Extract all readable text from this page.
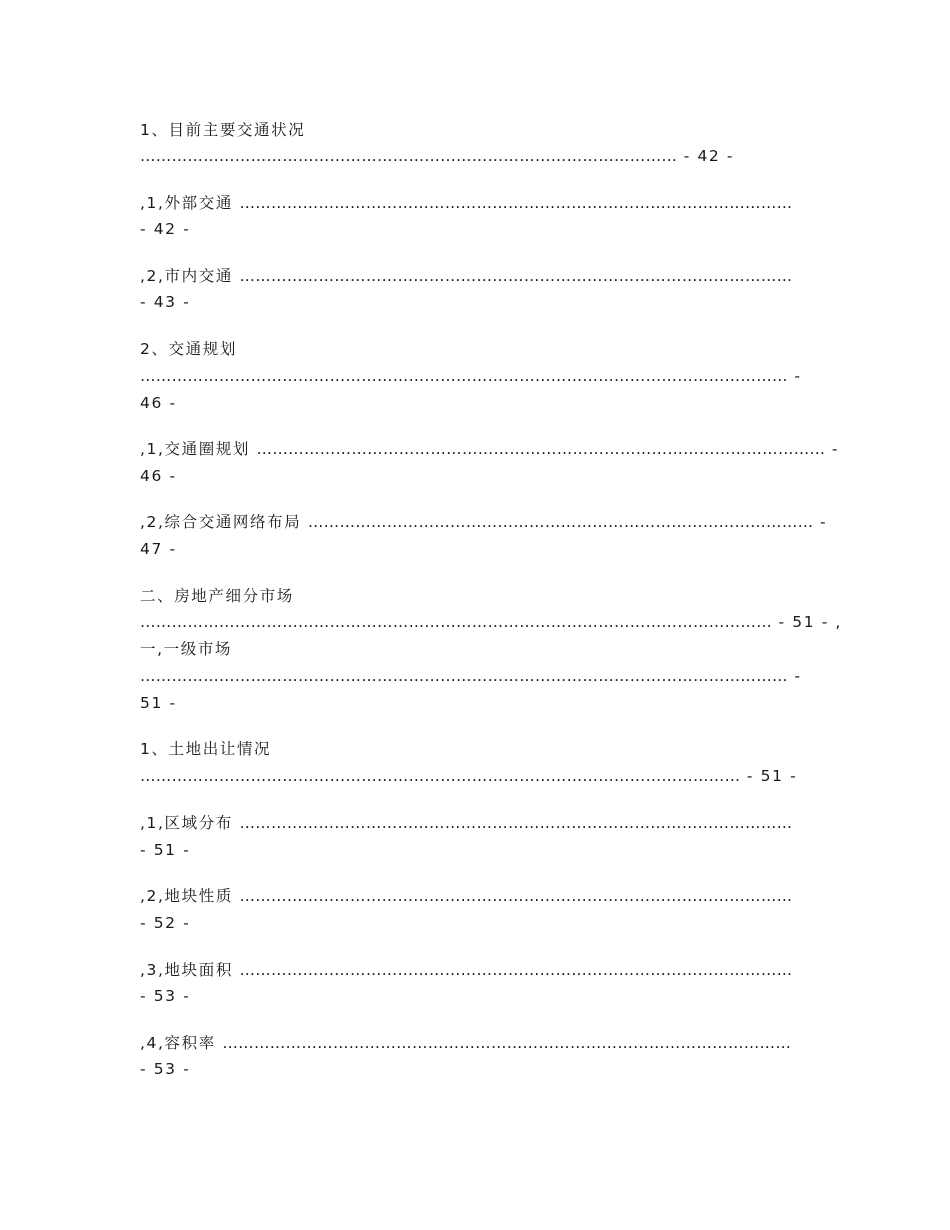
1、目前主要交通状况
………………………………………………………………………………………… - 42 -
,1,外部交通 ……………………………………………………………………………………………
- 42 -
,2,市内交通 ……………………………………………………………………………………………
- 43 -
2、交通规划
…………………………………………………………………………………………………………… -
46 -
,1,交通圈规划 ……………………………………………………………………………………………… -
46 -
,2,综合交通网络布局 …………………………………………………………………………………… -
47 -
二、房地产细分市场
………………………………………………………………………………………………………… - 51 - ,
一,一级市场
…………………………………………………………………………………………………………… -
51 -
1、土地出让情况
…………………………………………………………………………………………………… - 51 -
,1,区域分布 ……………………………………………………………………………………………
- 51 -
,2,地块性质 ……………………………………………………………………………………………
- 52 -
,3,地块面积 ……………………………………………………………………………………………
- 53 -
,4,容积率 ………………………………………………………………………………………………
- 53 -
